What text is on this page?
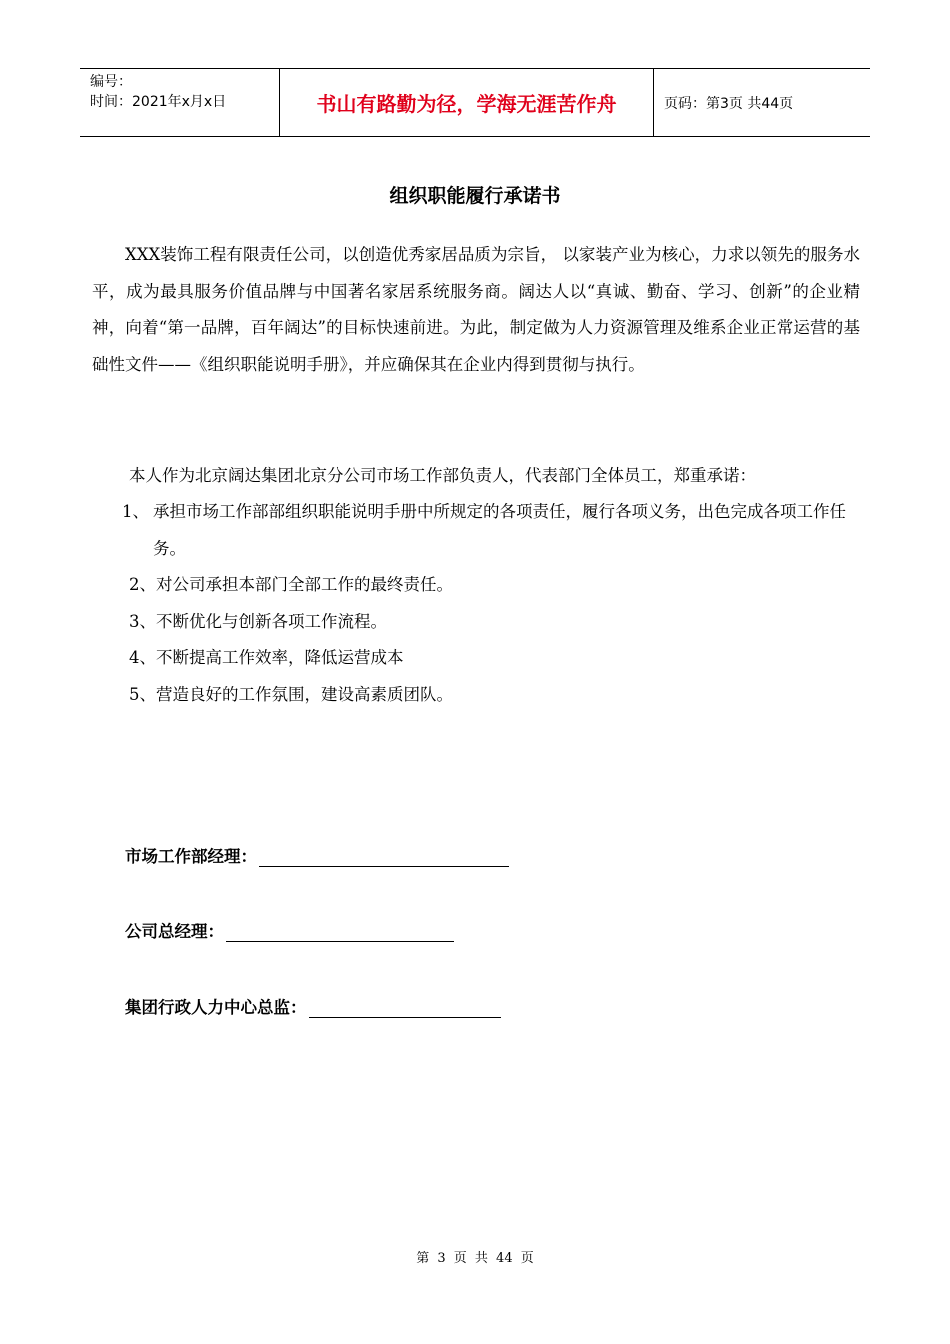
编号：
时间：2021年x月x日	书山有路勤为径，学海无涯苦作舟	页码：第3页 共44页
组织职能履行承诺书
XXX装饰工程有限责任公司，以创造优秀家居品质为宗旨， 以家装产业为核心，力求以领先的服务水平，成为最具服务价值品牌与中国著名家居系统服务商。阔达人以“真诚、勤奋、学习、创新”的企业精神，向着“第一品牌，百年阔达”的目标快速前进。为此，制定做为人力资源管理及维系企业正常运营的基础性文件——《组织职能说明手册》，并应确保其在企业内得到贯彻与执行。
本人作为北京阔达集团北京分公司市场工作部负责人，代表部门全体员工，郑重承诺：
1、 承担市场工作部部组织职能说明手册中所规定的各项责任，履行各项义务，出色完成各项工作任务。
2、 对公司承担本部门全部工作的最终责任。
3、 不断优化与创新各项工作流程。
4、 不断提高工作效率，降低运营成本
5、 营造良好的工作氛围，建设高素质团队。
市场工作部经理：
公司总经理：
集团行政人力中心总监：
第 3 页 共 44 页
